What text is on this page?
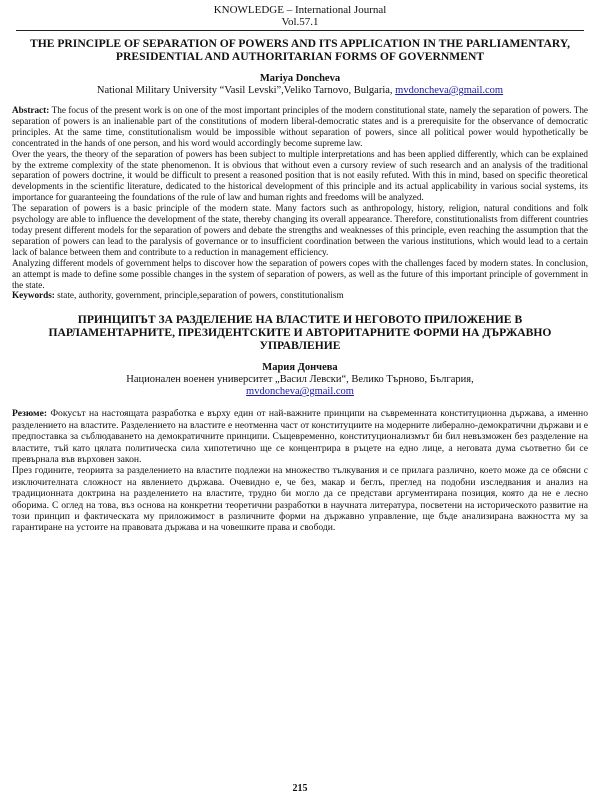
KNOWLEDGE – International Journal
Vol.57.1
THE PRINCIPLE OF SEPARATION OF POWERS AND ITS APPLICATION IN THE PARLIAMENTARY, PRESIDENTIAL AND AUTHORITARIAN FORMS OF GOVERNMENT
Mariya Doncheva
National Military University “Vasil Levski”,Veliko Tarnovo, Bulgaria, mvdoncheva@gmail.com

Abstract: The focus of the present work is on one of the most important principles of the modern constitutional state, namely the separation of powers. The separation of powers is an inalienable part of the constitutions of modern liberal-democratic states and is a prerequisite for the observance of democratic principles. At the same time, constitutionalism would be impossible without separation of powers, since all political power would hypothetically be concentrated in the hands of one person, and his word would accordingly become supreme law.

Over the years, the theory of the separation of powers has been subject to multiple interpretations and has been applied differently, which can be explained by the extreme complexity of the state phenomenon. It is obvious that without even a cursory review of such research and an analysis of the traditional separation of powers doctrine, it would be difficult to present a reasoned position that is not easily refuted. With this in mind, based on specific theoretical developments in the scientific literature, dedicated to the historical development of this principle and its actual applicability in various social systems, its importance for guaranteeing the foundations of the rule of law and human rights and freedoms will be analyzed.

The separation of powers is a basic principle of the modern state. Many factors such as anthropology, history, religion, natural conditions and folk psychology are able to influence the development of the state, thereby changing its overall appearance. Therefore, constitutionalists from different countries today present different models for the separation of powers and debate the strengths and weaknesses of this principle, even reaching the assumption that the separation of powers can lead to the paralysis of governance or to insufficient coordination between the various institutions, which would lead to a certain lack of balance between them and contribute to a reduction in management efficiency.

Analyzing different models of government helps to discover how the separation of powers copes with the challenges faced by modern states. In conclusion, an attempt is made to define some possible changes in the system of separation of powers, as well as the future of this important principle of government in the state.

Keywords: state, authority, government, principle,separation of powers, constitutionalism

ПРИНЦИПЪТ ЗА РАЗДЕЛЕНИЕ НА ВЛАСТИТЕ И НЕГОВОТО ПРИЛОЖЕНИЕ В ПАРЛАМЕНТАРНИТЕ, ПРЕЗИДЕНТСКИТЕ И АВТОРИТАРНИТЕ ФОРМИ НА ДЪРЖАВНО УПРАВЛЕНИЕ
Мария Дончева
Национален военен университет „Васил Левски“, Велико Търново, България,
mvdoncheva@gmail.com

Резюме: Фокусът на настоящата разработка е върху един от най-важните принципи на съвременната конституционна държава, а именно разделението на властите. Разделението на властите е неотменна част от конституциите на модерните либерално-демократични държави и е предпоставка за съблюдаването на демократичните принципи. Същевременно, конституционализмът би бил невъзможен без разделение на властите, тъй като цялата политическа сила хипотетично ще се концентрира в ръцете на едно лице, а неговата дума съответно би се превърнала във върховен закон.

През годините, теорията за разделението на властите подлежи на множество тълкувания и се прилага различно, което може да се обясни с изключителната сложност на явлението държава. Очевидно е, че без, макар и беглъ, преглед на подобни изследвания и анализ на традиционната доктрина на разделението на властите, трудно би могло да се представи аргументирана позиция, която да не е лесно оборима. С оглед на това, въз основа на конкретни теоретични разработки в научната литература, посветени на историческото развитие на този принцип и фактическата му приложимост в различните форми на държавно управление, ще бъде анализирана важността му за гарантиране на устоите на правовата държава и на човешките права и свободи.

215
